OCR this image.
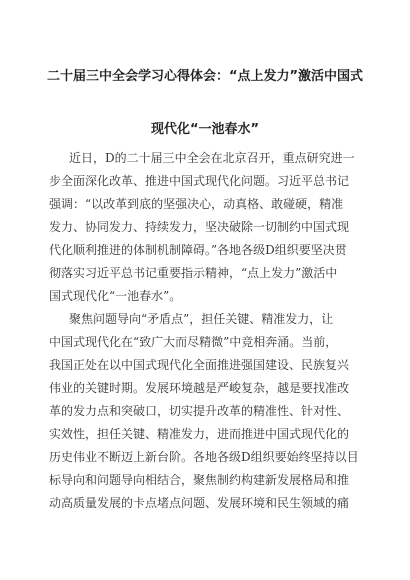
二十届三中全会学习心得体会：“点上发力”激活中国式
现代化“一池春水”
近日，D的二十届三中全会在北京召开，重点研究进一
步全面深化改革、推进中国式现代化问题。习近平总书记
强调：“以改革到底的坚强决心，动真格、敢碰硬，精准
发力、协同发力、持续发力，坚决破除一切制约中国式现
代化顺利推进的体制机制障碍。”各地各级D组织要坚决贯
彻落实习近平总书记重要指示精神，“点上发力”激活中
国式现代化“一池春水”。
聚焦问题导向“矛盾点”，担任关键、精准发力，让
中国式现代化在“致广大而尽精微”中竞相奔涌。当前，
我国正处在以中国式现代化全面推进强国建设、民族复兴
伟业的关键时期。发展环境越是严峻复杂，越是要找准改
革的发力点和突破口，切实提升改革的精准性、针对性、
实效性，担任关键、精准发力，进而推进中国式现代化的
历史伟业不断迈上新台阶。各地各级D组织要始终坚持以目
标导向和问题导向相结合，聚焦制约构建新发展格局和推
动高质量发展的卡点堵点问题、发展环境和民生领域的痛
